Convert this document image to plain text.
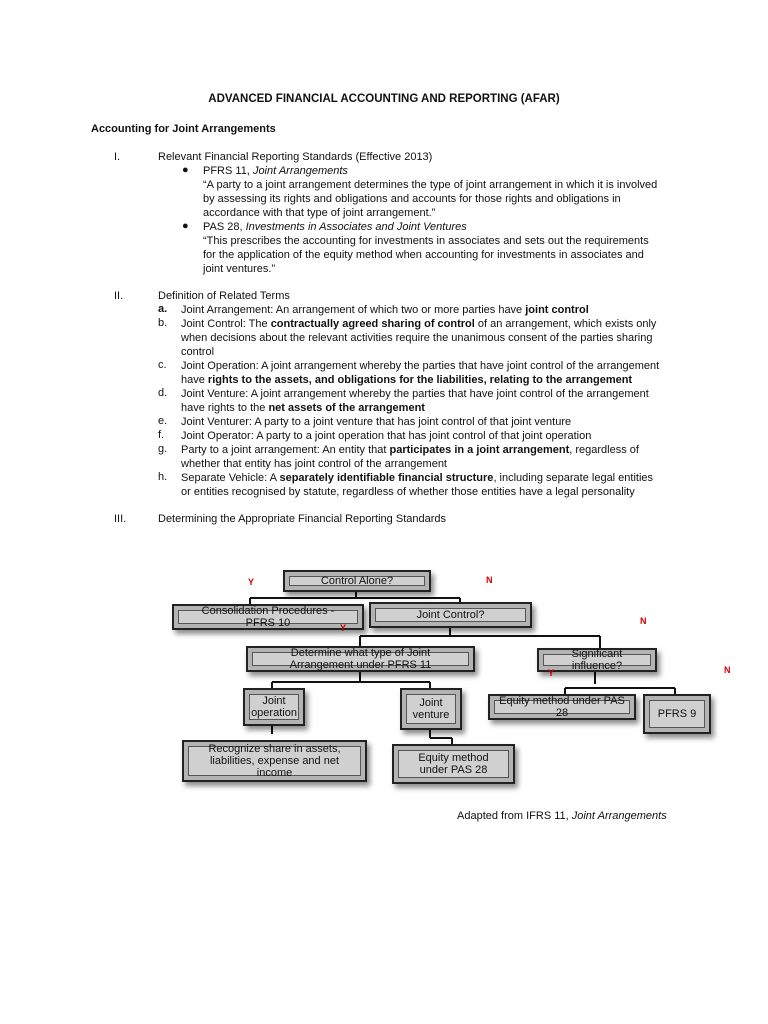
ADVANCED FINANCIAL ACCOUNTING AND REPORTING (AFAR)
Accounting for Joint Arrangements
I.	Relevant Financial Reporting Standards (Effective 2013)
● PFRS 11, Joint Arrangements
“A party to a joint arrangement determines the type of joint arrangement in which it is involved
by assessing its rights and obligations and accounts for those rights and obligations in
accordance with that type of joint arrangement.”
● PAS 28, Investments in Associates and Joint Ventures
“This prescribes the accounting for investments in associates and sets out the requirements
for the application of the equity method when accounting for investments in associates and
joint ventures.”
II.	Definition of Related Terms
a. Joint Arrangement: An arrangement of which two or more parties have joint control
b. Joint Control: The contractually agreed sharing of control of an arrangement, which exists only
when decisions about the relevant activities require the unanimous consent of the parties sharing
control
c. Joint Operation: A joint arrangement whereby the parties that have joint control of the arrangement
have rights to the assets, and obligations for the liabilities, relating to the arrangement
d. Joint Venture: A joint arrangement whereby the parties that have joint control of the arrangement
have rights to the net assets of the arrangement
e. Joint Venturer: A party to a joint venture that has joint control of that joint venture
f. Joint Operator: A party to a joint operation that has joint control of that joint operation
g. Party to a joint arrangement: An entity that participates in a joint arrangement, regardless of
whether that entity has joint control of the arrangement
h. Separate Vehicle: A separately identifiable financial structure, including separate legal entities
or entities recognised by statute, regardless of whether those entities have a legal personality
III.	Determining the Appropriate Financial Reporting Standards
Control Alone?
Consolidation Procedures - PFRS 10
Joint Control?
Determine what type of Joint Arrangement under PFRS 11
Significant influence?
Joint operation
Joint venture
Equity method under PAS 28	PFRS 9
Recognize share in assets, liabilities, expense and net income
Equity method under PAS 28
Y	N
Y
N
Y	N
Adapted from IFRS 11, Joint Arrangements
